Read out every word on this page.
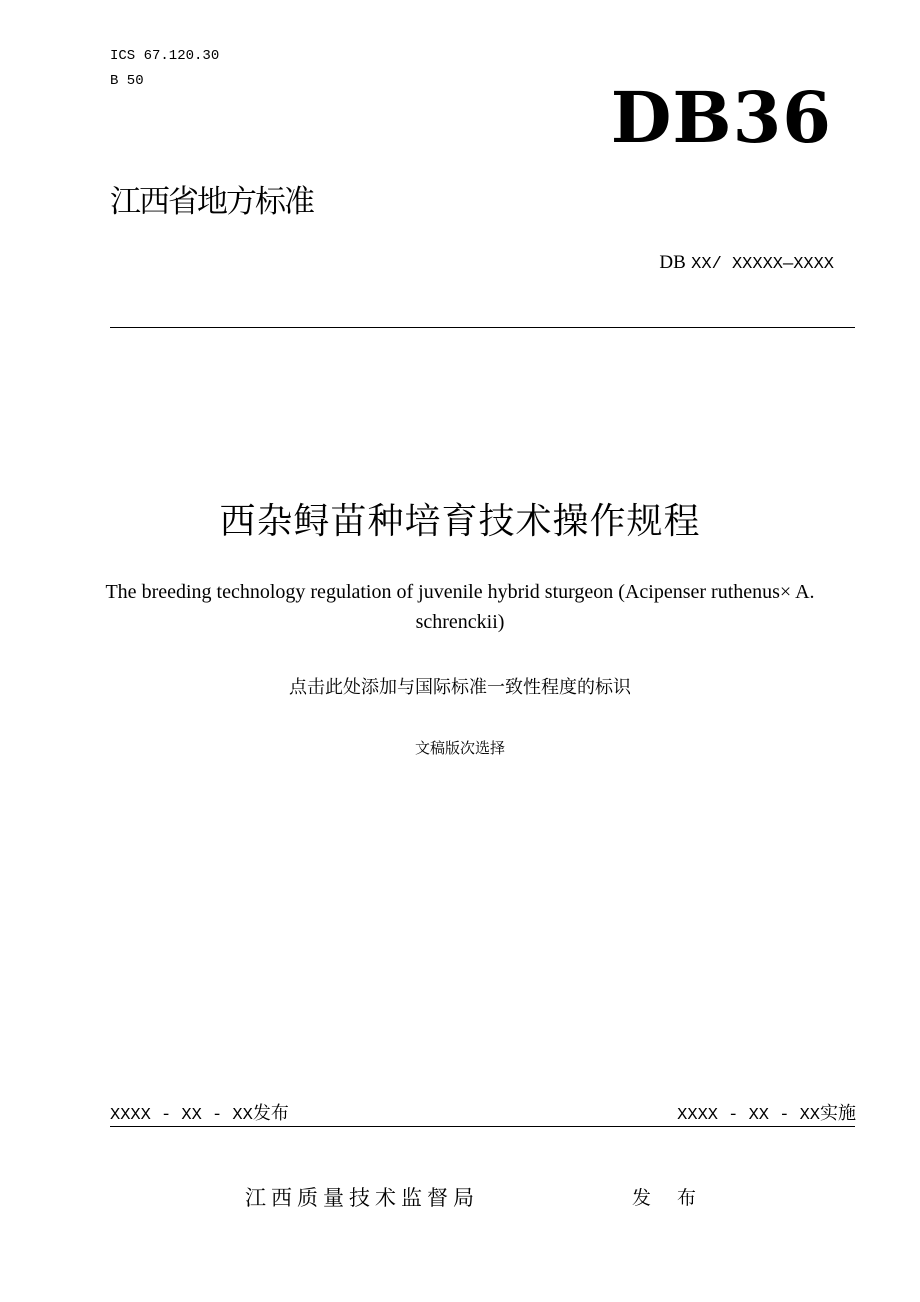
ICS 67.120.30
B 50	DB36
江西省地方标准
DB XX/ XXXXX—XXXX
西杂鲟苗种培育技术操作规程
The breeding technology regulation of juvenile hybrid sturgeon (Acipenser ruthenus× A. schrenckii)
点击此处添加与国际标准一致性程度的标识
文稿版次选择
XXXX - XX - XX发布	XXXX - XX - XX实施
江西质量技术监督局	发 布
